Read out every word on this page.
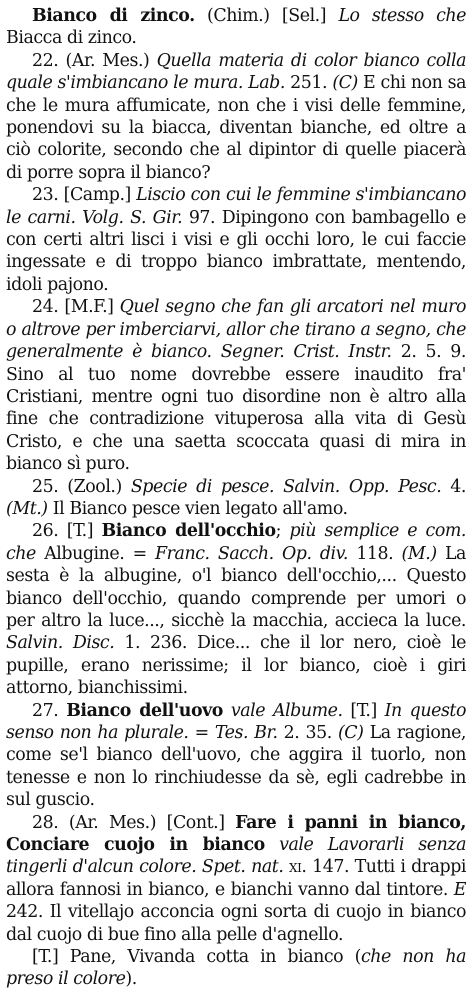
Bianco di zinco. (Chim.) [Sel.] Lo stesso che Biacca di zinco.

22. (Ar. Mes.) Quella materia di color bianco colla quale s'imbiancano le mura. Lab. 251. (C) E chi non sa che le mura affumicate, non che i visi delle femmine, ponendovi su la biacca, diventan bianche, ed oltre a ciò colorite, secondo che al dipintor di quelle piacerà di porre sopra il bianco?

23. [Camp.] Liscio con cui le femmine s'imbiancano le carni. Volg. S. Gir. 97. Dipingono con bambagello e con certi altri lisci i visi e gli occhi loro, le cui faccie ingessate e di troppo bianco imbrattate, mentendo, idoli pajono.

24. [M.F.] Quel segno che fan gli arcatori nel muro o altrove per imberciarvi, allor che tirano a segno, che generalmente è bianco. Segner. Crist. Instr. 2. 5. 9. Sino al tuo nome dovrebbe essere inaudito fra' Cristiani, mentre ogni tuo disordine non è altro alla fine che contradizione vituperosa alla vita di Gesù Cristo, e che una saetta scoccata quasi di mira in bianco sì puro.

25. (Zool.) Specie di pesce. Salvin. Opp. Pesc. 4. (Mt.) Il Bianco pesce vien legato all'amo.

26. [T.] Bianco dell'occhio; più semplice e com. che Albugine. = Franc. Sacch. Op. div. 118. (M.) La sesta è la albugine, o'l bianco dell'occhio,... Questo bianco dell'occhio, quando comprende per umori o per altro la luce..., sicchè la macchia, accieca la luce. Salvin. Disc. 1. 236. Dice... che il lor nero, cioè le pupille, erano nerissime; il lor bianco, cioè i giri attorno, bianchissimi.

27. Bianco dell'uovo vale Albume. [T.] In questo senso non ha plurale. = Tes. Br. 2. 35. (C) La ragione, come se'l bianco dell'uovo, che aggira il tuorlo, non tenesse e non lo rinchiudesse da sè, egli cadrebbe in sul guscio.

28. (Ar. Mes.) [Cont.] Fare i panni in bianco, Conciare cuojo in bianco vale Lavorarli senza tingerli d'alcun colore. Spet. nat. xi. 147. Tutti i drappi allora fannosi in bianco, e bianchi vanno dal tintore. E 242. Il vitellajo acconcia ogni sorta di cuojo in bianco dal cuojo di bue fino alla pelle d'agnello.

[T.] Pane, Vivanda cotta in bianco (che non ha preso il colore).
